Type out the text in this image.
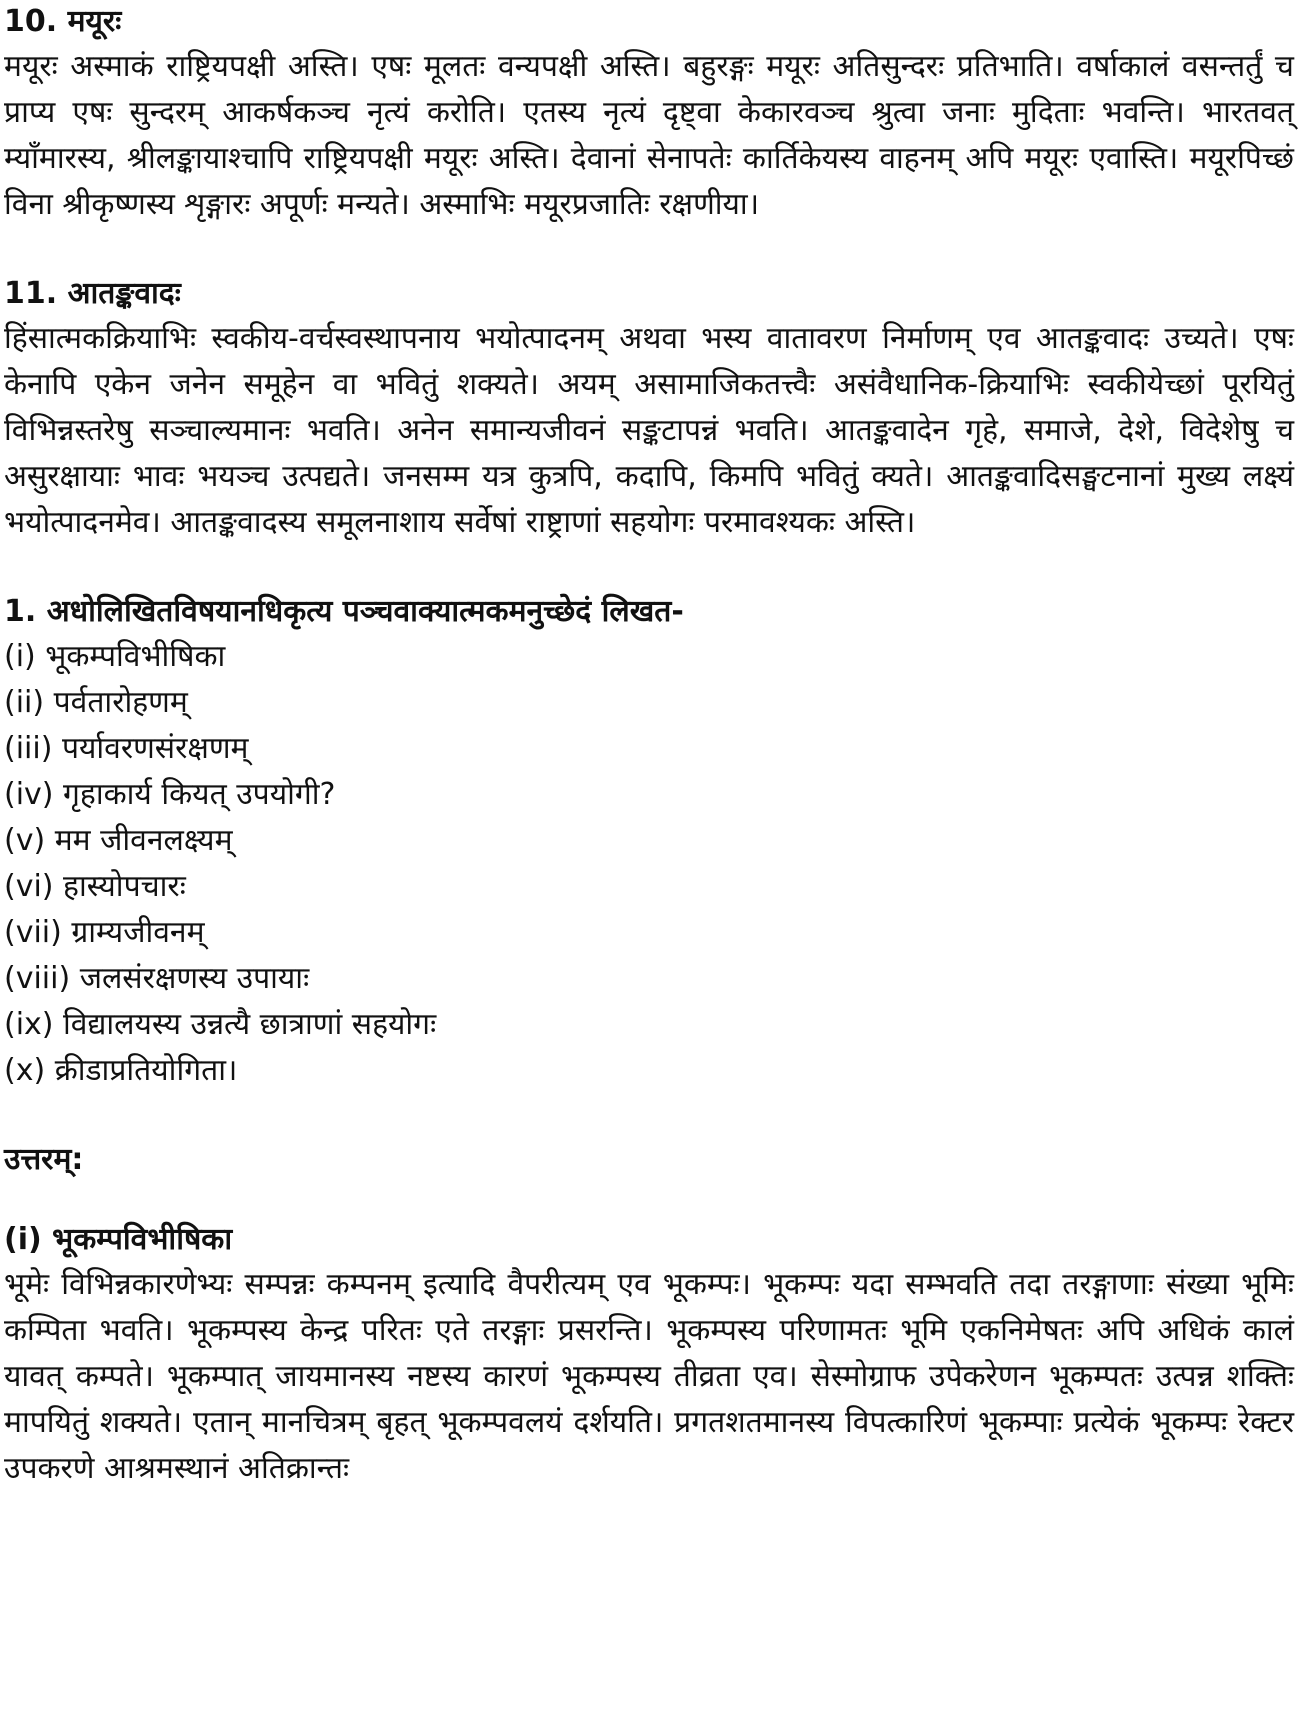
10. मयूरः

मयूरः अस्माकं राष्ट्रियपक्षी अस्ति। एषः मूलतः वन्यपक्षी अस्ति। बहुरङ्गः मयूरः अतिसुन्दरः प्रतिभाति। वर्षाकालं वसन्तर्तुं च प्राप्य एषः सुन्दरम् आकर्षकञ्च नृत्यं करोति। एतस्य नृत्यं दृष्ट्वा केकारवञ्च श्रुत्वा जनाः मुदिताः भवन्ति। भारतवत् म्याँमारस्य, श्रीलङ्कायाश्चापि राष्ट्रियपक्षी मयूरः अस्ति। देवानां सेनापतेः कार्तिकेयस्य वाहनम् अपि मयूरः एवास्ति। मयूरपिच्छं विना श्रीकृष्णस्य शृङ्गारः अपूर्णः मन्यते। अस्माभिः मयूरप्रजातिः रक्षणीया।

11. आतङ्कवादः

हिंसात्मकक्रियाभिः स्वकीय-वर्चस्वस्थापनाय भयोत्पादनम् अथवा भस्य वातावरण निर्माणम् एव आतङ्कवादः उच्यते। एषः केनापि एकेन जनेन समूहेन वा भवितुं शक्यते। अयम् असामाजिकतत्त्वैः असंवैधानिक-क्रियाभिः स्वकीयेच्छां पूरयितुं विभिन्नस्तरेषु सञ्चाल्यमानः भवति। अनेन समान्यजीवनं सङ्कटापन्नं भवति। आतङ्कवादेन गृहे, समाजे, देशे, विदेशेषु च असुरक्षायाः भावः भयञ्च उत्पद्यते। जनसम्म यत्र कुत्रपि, कदापि, किमपि भवितुं क्यते। आतङ्कवादिसङ्घटनानां मुख्य लक्ष्यं भयोत्पादनमेव। आतङ्कवादस्य समूलनाशाय सर्वेषां राष्ट्राणां सहयोगः परमावश्यकः अस्ति।

1. अधोलिखितविषयानधिकृत्य पञ्चवाक्यात्मकमनुच्छेदं लिखत-
(i) भूकम्पविभीषिका
(ii) पर्वतारोहणम्
(iii) पर्यावरणसंरक्षणम्
(iv) गृहाकार्य कियत् उपयोगी?
(v) मम जीवनलक्ष्यम्
(vi) हास्योपचारः
(vii) ग्राम्यजीवनम्
(viii) जलसंरक्षणस्य उपायाः
(ix) विद्यालयस्य उन्नत्यै छात्राणां सहयोगः
(x) क्रीडाप्रतियोगिता।
उत्तरम्:
(i) भूकम्पविभीषिका

भूमेः विभिन्नकारणेभ्यः सम्पन्नः कम्पनम् इत्यादि वैपरीत्यम् एव भूकम्पः। भूकम्पः यदा सम्भवति तदा तरङ्गाणाः संख्या भूमिः कम्पिता भवति। भूकम्पस्य केन्द्र परितः एते तरङ्गाः प्रसरन्ति। भूकम्पस्य परिणामतः भूमि एकनिमेषतः अपि अधिकं कालं यावत् कम्पते। भूकम्पात् जायमानस्य नष्टस्य कारणं भूकम्पस्य तीव्रता एव। सेस्मोग्राफ उपेकरेणन भूकम्पतः उत्पन्न शक्तिः मापयितुं शक्यते। एतान् मानचित्रम् बृहत् भूकम्पवलयं दर्शयति। प्रगतशतमानस्य विपत्कारिणं भूकम्पाः प्रत्येकं भूकम्पः रेक्टर उपकरणे आश्रमस्थानं अतिक्रान्तः
